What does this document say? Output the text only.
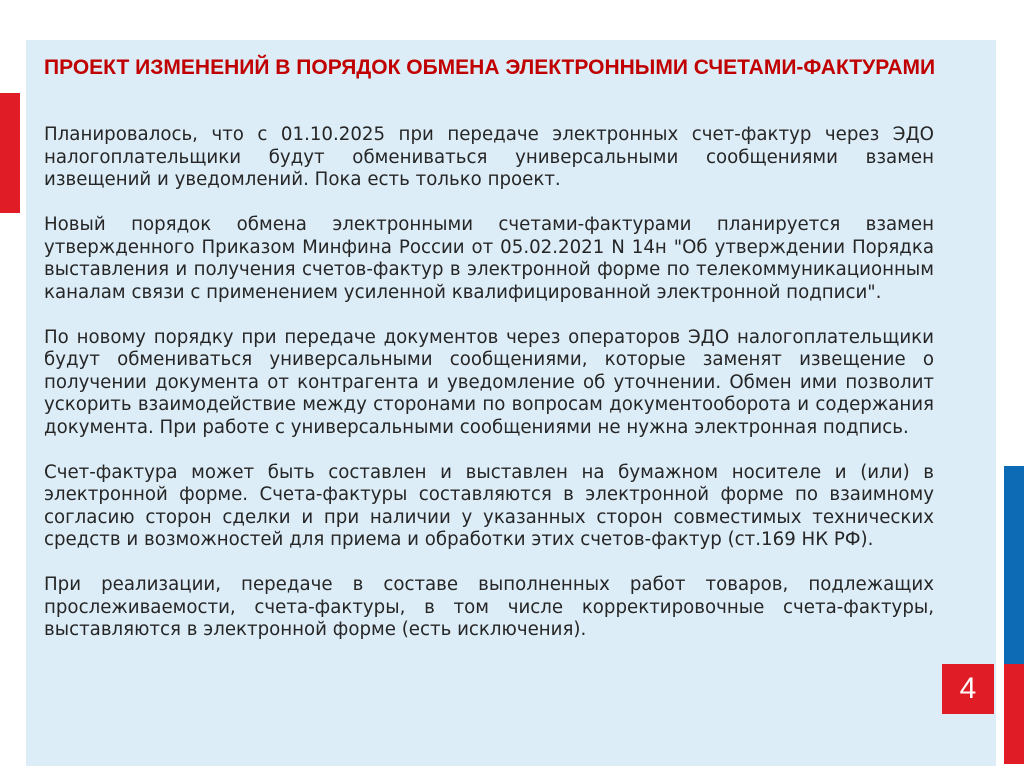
ПРОЕКТ ИЗМЕНЕНИЙ В ПОРЯДОК ОБМЕНА ЭЛЕКТРОННЫМИ СЧЕТАМИ-ФАКТУРАМИ

Планировалось, что с 01.10.2025 при передаче электронных счет-фактур через ЭДО налогоплательщики будут обмениваться универсальными сообщениями взамен извещений и уведомлений. Пока есть только проект.

Новый порядок обмена электронными счетами-фактурами планируется взамен утвержденного Приказом Минфина России от 05.02.2021 N 14н "Об утверждении Порядка выставления и получения счетов-фактур в электронной форме по телекоммуникационным каналам связи с применением усиленной квалифицированной электронной подписи".

По новому порядку при передаче документов через операторов ЭДО налогоплательщики будут обмениваться универсальными сообщениями, которые заменят извещение о получении документа от контрагента и уведомление об уточнении. Обмен ими позволит ускорить взаимодействие между сторонами по вопросам документооборота и содержания документа. При работе с универсальными сообщениями не нужна электронная подпись.

Счет-фактура может быть составлен и выставлен на бумажном носителе и (или) в электронной форме. Счета-фактуры составляются в электронной форме по взаимному согласию сторон сделки и при наличии у указанных сторон совместимых технических средств и возможностей для приема и обработки этих счетов-фактур (ст.169 НК РФ).

При реализации, передаче в составе выполненных работ товаров, подлежащих прослеживаемости, счета-фактуры, в том числе корректировочные счета-фактуры, выставляются в электронной форме (есть исключения).

4
